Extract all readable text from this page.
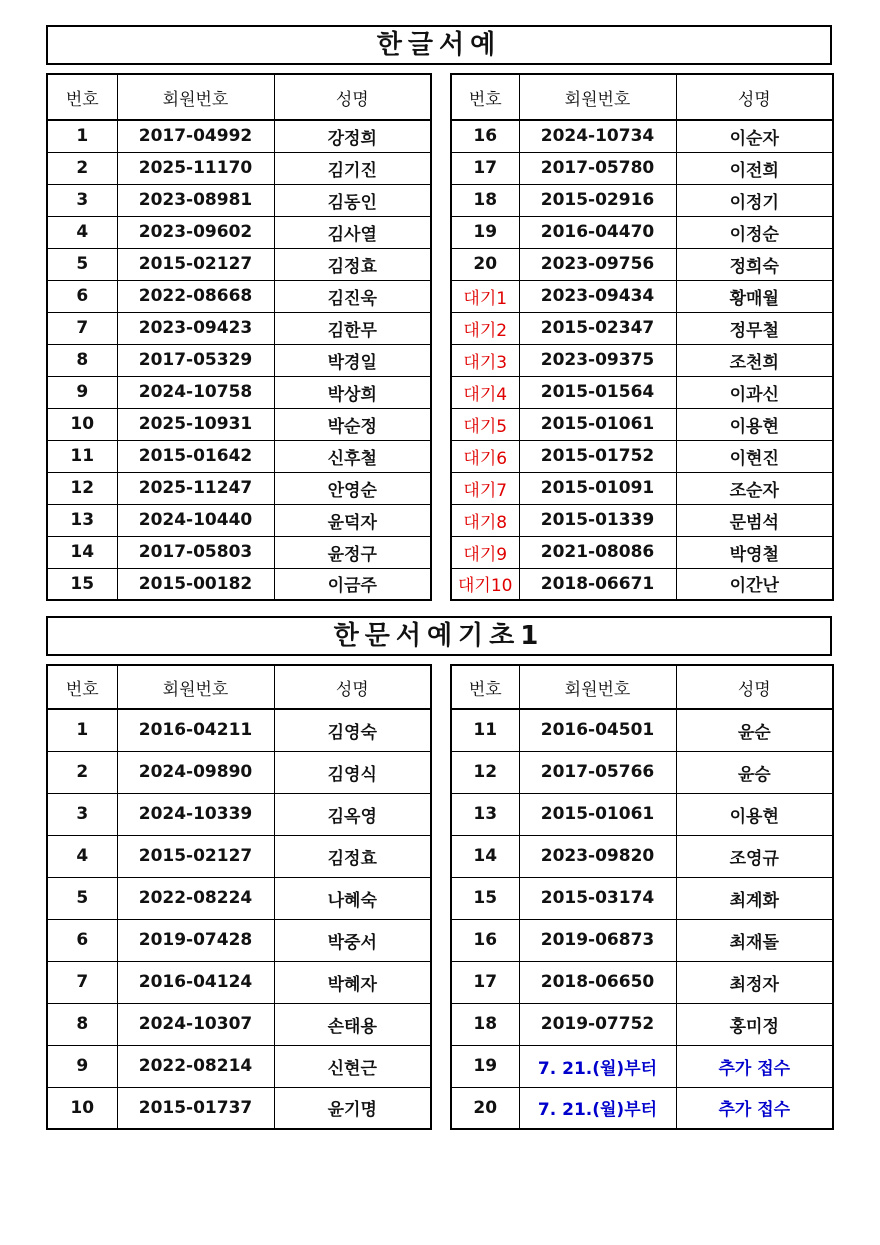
한글서예
번호	회원번호	성명
1	2017-04992	강정희
2	2025-11170	김기진
3	2023-08981	김동인
4	2023-09602	김사열
5	2015-02127	김정효
6	2022-08668	김진욱
7	2023-09423	김한무
8	2017-05329	박경일
9	2024-10758	박상희
10	2025-10931	박순정
11	2015-01642	신후철
12	2025-11247	안영순
13	2024-10440	윤덕자
14	2017-05803	윤정구
15	2015-00182	이금주
번호	회원번호	성명
16	2024-10734	이순자
17	2017-05780	이전희
18	2015-02916	이정기
19	2016-04470	이정순
20	2023-09756	정희숙
대기1	2023-09434	황매월
대기2	2015-02347	정무철
대기3	2023-09375	조천희
대기4	2015-01564	이과신
대기5	2015-01061	이용현
대기6	2015-01752	이현진
대기7	2015-01091	조순자
대기8	2015-01339	문범석
대기9	2021-08086	박영철
대기10	2018-06671	이간난
한문서예기초1
번호	회원번호	성명
1	2016-04211	김영숙
2	2024-09890	김영식
3	2024-10339	김옥영
4	2015-02127	김정효
5	2022-08224	나혜숙
6	2019-07428	박중서
7	2016-04124	박혜자
8	2024-10307	손태용
9	2022-08214	신현근
10	2015-01737	윤기명
번호	회원번호	성명
11	2016-04501	윤순
12	2017-05766	윤승
13	2015-01061	이용현
14	2023-09820	조영규
15	2015-03174	최계화
16	2019-06873	최재돌
17	2018-06650	최정자
18	2019-07752	홍미정
19	7. 21.(월)부터	추가 접수
20	7. 21.(월)부터	추가 접수
